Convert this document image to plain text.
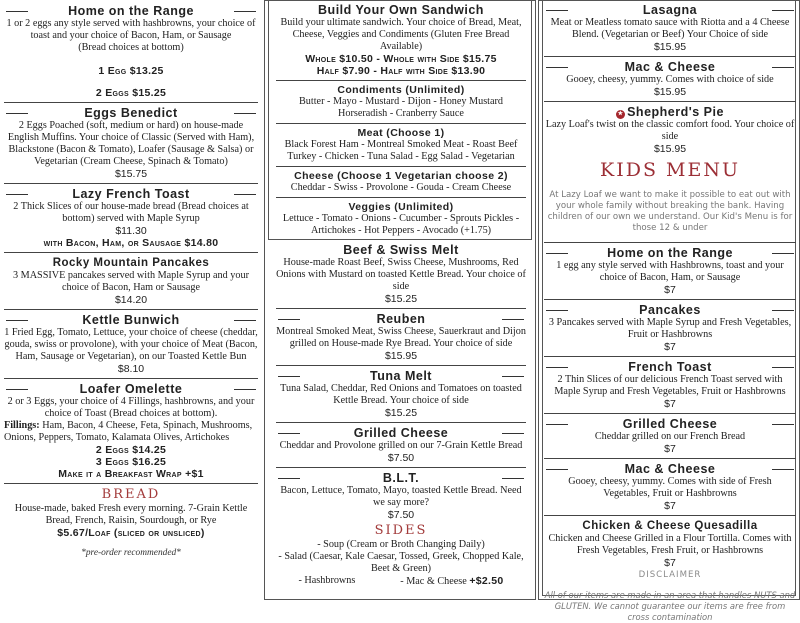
Home on the Range

1 or 2 eggs any style served with hashbrowns, your choice of toast and your choice of Bacon, Ham, or Sausage

(Bread choices at bottom)

1 Egg $13.25

2 Eggs $15.25

Eggs Benedict

2 Eggs Poached (soft, medium or hard) on house-made English Muffins. Your choice of Classic (Served with Ham), Blackstone (Bacon & Tomato), Loafer (Sausage & Salsa) or Vegetarian (Cream Cheese, Spinach & Tomato)

$15.75

Lazy French Toast

2 Thick Slices of our house-made bread (Bread choices at bottom) served with Maple Syrup

$11.30

with Bacon, Ham, or Sausage $14.80

Rocky Mountain Pancakes

3 MASSIVE pancakes served with Maple Syrup and your choice of Bacon, Ham or Sausage

$14.20

Kettle Bunwich

1 Fried Egg, Tomato, Lettuce, your choice of cheese (cheddar, gouda, swiss or provolone), with your choice of Meat (Bacon, Ham, Sausage or Vegetarian), on our Toasted Kettle Bun

$8.10

Loafer Omelette

2 or 3 Eggs, your choice of 4 Fillings, hashbrowns, and your choice of Toast (Bread choices at bottom).

Fillings: Ham, Bacon, 4 Cheese, Feta, Spinach, Mushrooms, Onions, Peppers, Tomato, Kalamata Olives, Artichokes

2 Eggs $14.25

3 Eggs $16.25

Make it a Breakfast Wrap +$1

BREAD

House-made, baked Fresh every morning. 7-Grain Kettle Bread, French, Raisin, Sourdough, or Rye

$5.67/Loaf (sliced or unsliced)

*pre-order recommended*

Build Your Own Sandwich

Build your ultimate sandwich. Your choice of Bread, Meat, Cheese, Veggies and Condiments (Gluten Free Bread Available)

Whole $10.50 - Whole with Side $15.75

Half $7.90 - Half with Side $13.90

Condiments (Unlimited)

Butter - Mayo - Mustard - Dijon - Honey Mustard Horseradish - Cranberry Sauce

Meat (Choose 1)

Black Forest Ham - Montreal Smoked Meat - Roast Beef Turkey - Chicken - Tuna Salad - Egg Salad - Vegetarian

Cheese (Choose 1 Vegetarian choose 2)

Cheddar - Swiss - Provolone - Gouda - Cream Cheese

Veggies (Unlimited)

Lettuce - Tomato - Onions - Cucumber - Sprouts Pickles - Artichokes - Hot Peppers - Avocado (+1.75)

Beef & Swiss Melt

House-made Roast Beef, Swiss Cheese, Mushrooms, Red Onions with Mustard on toasted Kettle Bread. Your choice of side

$15.25

Reuben

Montreal Smoked Meat, Swiss Cheese, Sauerkraut and Dijon grilled on House-made Rye Bread. Your choice of side

$15.95

Tuna Melt

Tuna Salad, Cheddar, Red Onions and Tomatoes on toasted Kettle Bread. Your choice of side

$15.25

Grilled Cheese

Cheddar and Provolone grilled on our 7-Grain Kettle Bread

$7.50

B.L.T.

Bacon, Lettuce, Tomato, Mayo, toasted Kettle Bread. Need we say more?

$7.50

SIDES

- Soup (Cream or Broth Changing Daily)

- Salad (Caesar, Kale Caesar, Tossed, Greek, Chopped Kale, Beet & Green)

- Hashbrowns	- Mac & Cheese +$2.50

Lasagna

Meat or Meatless tomato sauce with Riotta and a 4 Cheese Blend. (Vegetarian or Beef) Your Choice of side

$15.95

Mac & Cheese

Gooey, cheesy, yummy. Comes with choice of side

$15.95

★ Shepherd's Pie

Lazy Loaf's twist on the classic comfort food. Your choice of side

$15.95

KIDS MENU

At Lazy Loaf we want to make it possible to eat out with your whole family without breaking the bank. Having children of our own we understand. Our Kid's Menu is for those 12 & under

Home on the Range

1 egg any style served with Hashbrowns, toast and your choice of Bacon, Ham, or Sausage

$7

Pancakes

3 Pancakes served with Maple Syrup and Fresh Vegetables, Fruit or Hashbrowns

$7

French Toast

2 Thin Slices of our delicious French Toast served with Maple Syrup and Fresh Vegetables, Fruit or Hashbrowns

$7

Grilled Cheese

Cheddar grilled on our French Bread

$7

Mac & Cheese

Gooey, cheesy, yummy. Comes with side of Fresh Vegetables, Fruit or Hashbrowns

$7

Chicken & Cheese Quesadilla

Chicken and Cheese Grilled in a Flour Tortilla. Comes with Fresh Vegetables, Fresh Fruit, or Hashbrowns

$7

DISCLAIMER

All of our items are made in an area that handles NUTS and GLUTEN. We cannot guarantee our items are free from cross contamination
